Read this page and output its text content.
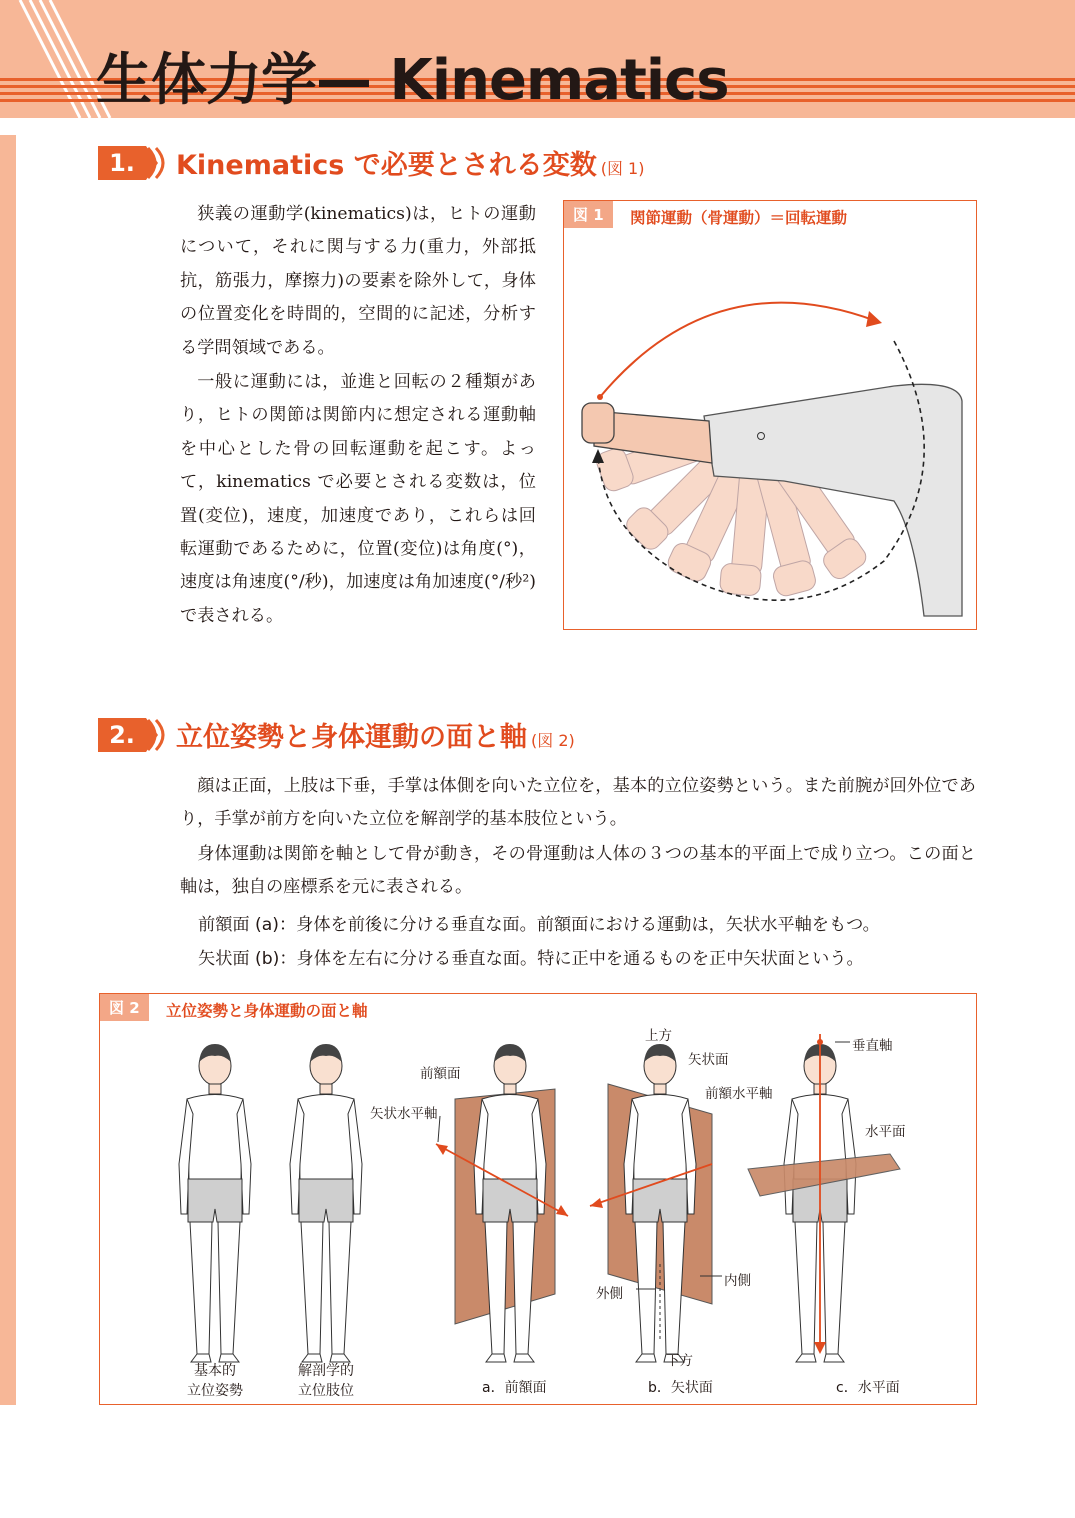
生体力学— Kinematics
1.	Kinematics で必要とされる変数 (図 1)

狭義の運動学(kinematics)は，ヒトの運動について，それに関与する力(重力，外部抵抗，筋張力，摩擦力)の要素を除外して，身体の位置変化を時間的，空間的に記述，分析する学問領域である。

一般に運動には，並進と回転の２種類があり，ヒトの関節は関節内に想定される運動軸を中心とした骨の回転運動を起こす。よって，kinematics で必要とされる変数は，位置(変位)，速度，加速度であり，これらは回転運動であるために，位置(変位)は角度(°)，速度は角速度(°/秒)，加速度は角加速度(°/秒²)で表される。

図 1	関節運動（骨運動）＝回転運動
2.	立位姿勢と身体運動の面と軸 (図 2)

顔は正面，上肢は下垂，手掌は体側を向いた立位を，基本的立位姿勢という。また前腕が回外位であり，手掌が前方を向いた立位を解剖学的基本肢位という。

身体運動は関節を軸として骨が動き，その骨運動は人体の３つの基本的平面上で成り立つ。この面と軸は，独自の座標系を元に表される。

前額面 (a)：身体を前後に分ける垂直な面。前額面における運動は，矢状水平軸をもつ。
矢状面 (b)：身体を左右に分ける垂直な面。特に正中を通るものを正中矢状面という。
図 2	立位姿勢と身体運動の面と軸
前額面
矢状水平軸
上方
矢状面
前額水平軸
外側
内側
下方
垂直軸
水平面
基本的
立位姿勢
解剖学的
立位肢位	a．前額面	b．矢状面	c．水平面
